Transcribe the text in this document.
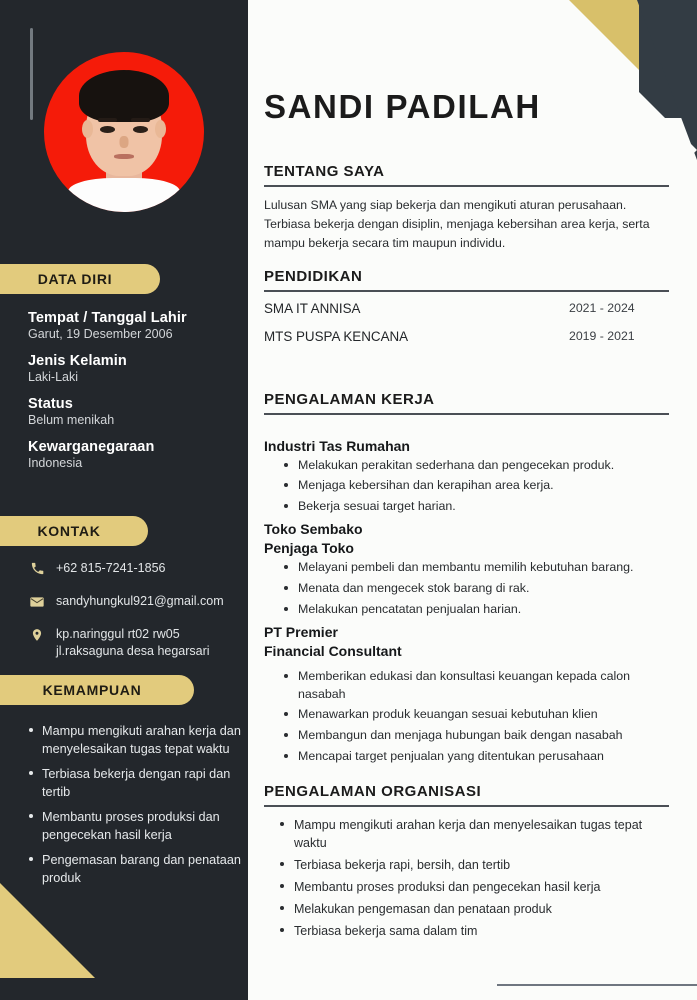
DATA DIRI

Tempat / Tanggal Lahir

Garut, 19 Desember 2006

Jenis Kelamin

Laki-Laki

Status

Belum menikah

Kewarganegaraan

Indonesia

KONTAK
+62 815-7241-1856
sandyhungkul921@gmail.com
kp.naringgul rt02 rw05
jl.raksaguna desa hegarsari
KEMAMPUAN
Mampu mengikuti arahan kerja dan menyelesaikan tugas tepat waktu
Terbiasa bekerja dengan rapi dan tertib
Membantu proses produksi dan pengecekan hasil kerja
Pengemasan barang dan penataan produk
SANDI PADILAH
TENTANG SAYA

Lulusan SMA yang siap bekerja dan mengikuti aturan perusahaan. Terbiasa bekerja dengan disiplin, menjaga kebersihan area kerja, serta mampu bekerja secara tim maupun individu.

PENDIDIKAN
SMA IT ANNISA	2021 - 2024
MTS PUSPA KENCANA	2019 - 2021
PENGALAMAN KERJA

Industri Tas Rumahan

Melakukan perakitan sederhana dan pengecekan produk.
Menjaga kebersihan dan kerapihan area kerja.
Bekerja sesuai target harian.

Toko Sembako

Penjaga Toko

Melayani pembeli dan membantu memilih kebutuhan barang.
Menata dan mengecek stok barang di rak.
Melakukan pencatatan penjualan harian.

PT Premier

Financial Consultant

Memberikan edukasi dan konsultasi keuangan kepada calon nasabah
Menawarkan produk keuangan sesuai kebutuhan klien
Membangun dan menjaga hubungan baik dengan nasabah
Mencapai target penjualan yang ditentukan perusahaan
PENGALAMAN ORGANISASI
Mampu mengikuti arahan kerja dan menyelesaikan tugas tepat waktu
Terbiasa bekerja rapi, bersih, dan tertib
Membantu proses produksi dan pengecekan hasil kerja
Melakukan pengemasan dan penataan produk
Terbiasa bekerja sama dalam tim
